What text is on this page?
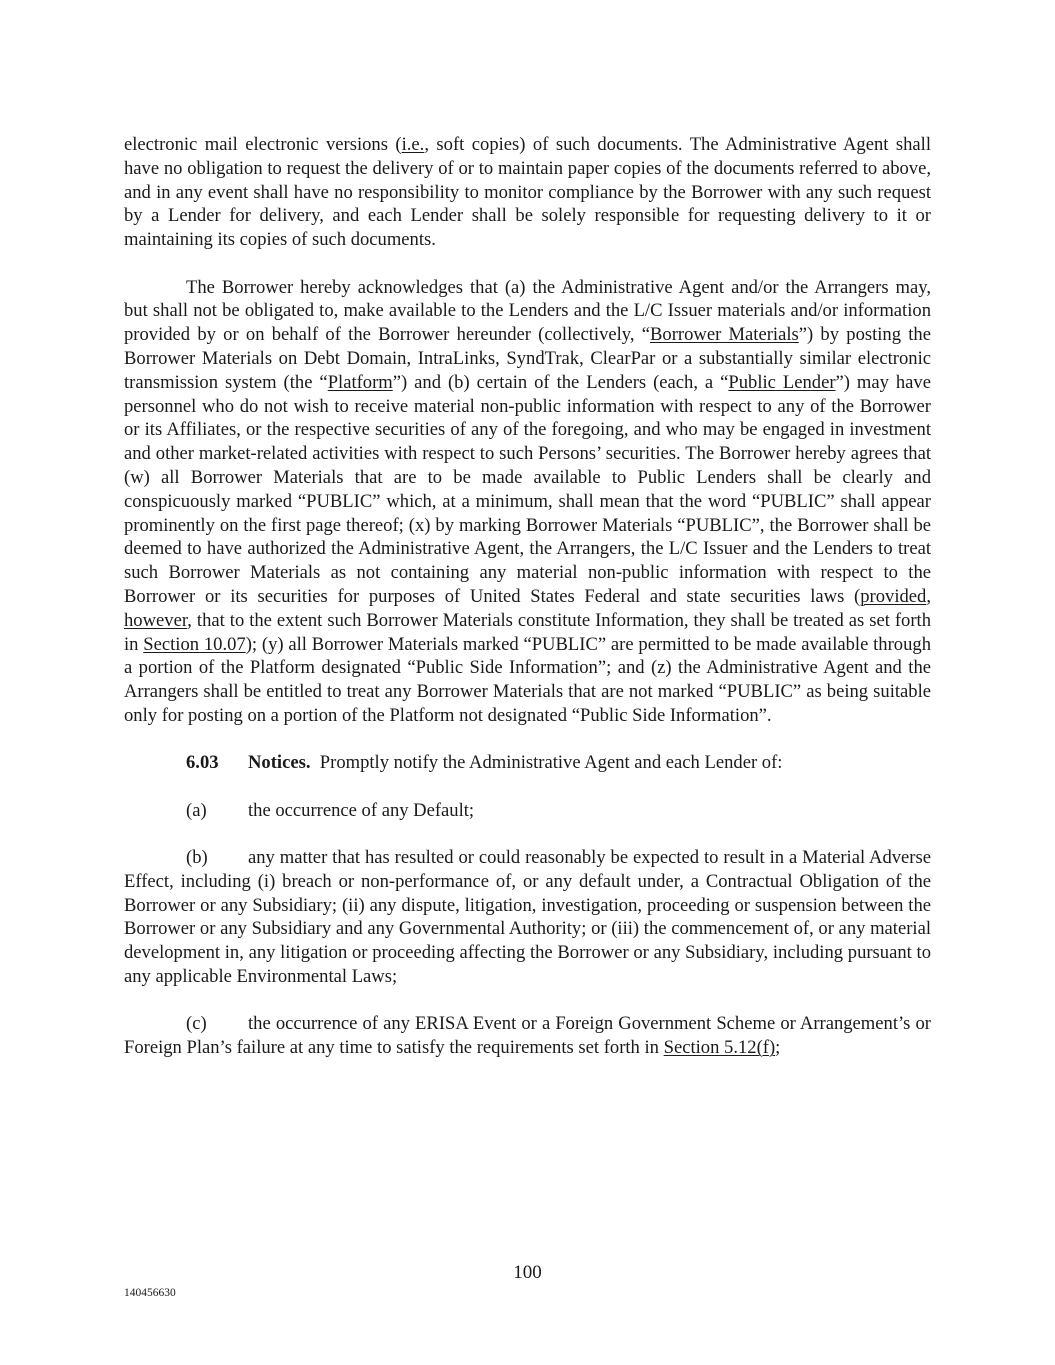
electronic mail electronic versions (i.e., soft copies) of such documents. The Administrative Agent shall have no obligation to request the delivery of or to maintain paper copies of the documents referred to above, and in any event shall have no responsibility to monitor compliance by the Borrower with any such request by a Lender for delivery, and each Lender shall be solely responsible for requesting delivery to it or maintaining its copies of such documents.

The Borrower hereby acknowledges that (a) the Administrative Agent and/or the Arrangers may, but shall not be obligated to, make available to the Lenders and the L/C Issuer materials and/or information provided by or on behalf of the Borrower hereunder (collectively, “Borrower Materials”) by posting the Borrower Materials on Debt Domain, IntraLinks, SyndTrak, ClearPar or a substantially similar electronic transmission system (the “Platform”) and (b) certain of the Lenders (each, a “Public Lender”) may have personnel who do not wish to receive material non-public information with respect to any of the Borrower or its Affiliates, or the respective securities of any of the foregoing, and who may be engaged in investment and other market-related activities with respect to such Persons’ securities. The Borrower hereby agrees that (w) all Borrower Materials that are to be made available to Public Lenders shall be clearly and conspicuously marked “PUBLIC” which, at a minimum, shall mean that the word “PUBLIC” shall appear prominently on the first page thereof; (x) by marking Borrower Materials “PUBLIC”, the Borrower shall be deemed to have authorized the Administrative Agent, the Arrangers, the L/C Issuer and the Lenders to treat such Borrower Materials as not containing any material non-public information with respect to the Borrower or its securities for purposes of United States Federal and state securities laws (provided, however, that to the extent such Borrower Materials constitute Information, they shall be treated as set forth in Section 10.07); (y) all Borrower Materials marked “PUBLIC” are permitted to be made available through a portion of the Platform designated “Public Side Information”; and (z) the Administrative Agent and the Arrangers shall be entitled to treat any Borrower Materials that are not marked “PUBLIC” as being suitable only for posting on a portion of the Platform not designated “Public Side Information”.

6.03 Notices.  Promptly notify the Administrative Agent and each Lender of:

(a) the occurrence of any Default;

(b) any matter that has resulted or could reasonably be expected to result in a Material Adverse Effect, including (i) breach or non-performance of, or any default under, a Contractual Obligation of the Borrower or any Subsidiary; (ii) any dispute, litigation, investigation, proceeding or suspension between the Borrower or any Subsidiary and any Governmental Authority; or (iii) the commencement of, or any material development in, any litigation or proceeding affecting the Borrower or any Subsidiary, including pursuant to any applicable Environmental Laws;

(c) the occurrence of any ERISA Event or a Foreign Government Scheme or Arrangement’s or Foreign Plan’s failure at any time to satisfy the requirements set forth in Section 5.12(f);

100
140456630
